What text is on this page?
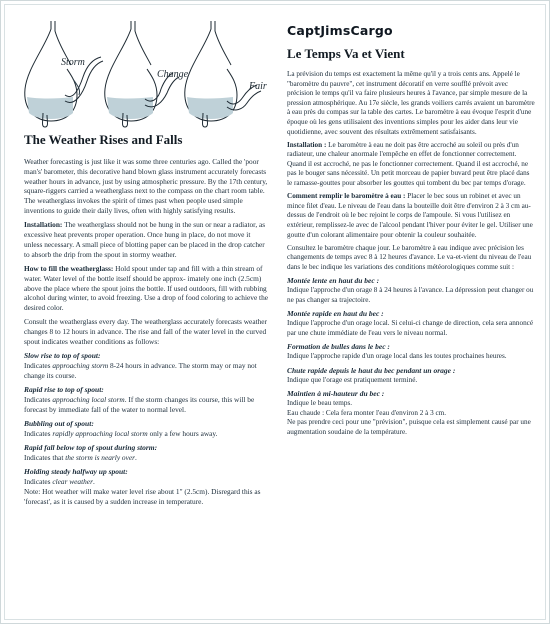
Storm
Change
Fair
The Weather Rises and Falls

Weather forecasting is just like it was some three centuries ago. Called the 'poor man's' barometer, this decorative hand blown glass instrument accurately forecasts weather hours in advance, just by using atmospheric pressure. By the 17th century, square-riggers carried a weatherglass next to the compass on the chart room table. The weatherglass invokes the spirit of times past when people used simple inventions to guide their daily lives, often with highly satisfying results.

Installation: The weatherglass should not be hung in the sun or near a radiator, as excessive heat prevents proper operation. Once hung in place, do not move it unless necessary. A small piece of blotting paper can be placed in the drop catcher to absorb the drip from the spout in stormy weather.

How to fill the weatherglass: Hold spout under tap and fill with a thin stream of water. Water level of the bottle itself should be approx- imately one inch (2.5cm) above the place where the spout joins the bottle. If used outdoors, fill with rubbing alcohol during winter, to avoid freezing. Use a drop of food coloring to achieve the desired color.

Consult the weatherglass every day. The weatherglass accurately forecasts weather changes 8 to 12 hours in advance. The rise and fall of the water level in the curved spout indicates weather conditions as follows:

Slow rise to top of spout:

Indicates approaching storm 8-24 hours in advance. The storm may or may not change its course.

Rapid rise to top of spout:

Indicates approaching local storm. If the storm changes its course, this will be forecast by immediate fall of the water to normal level.

Bubbling out of spout:

Indicates rapidly approaching local storm only a few hours away.

Rapid fall below top of spout during storm:

Indicates that the storm is nearly over.

Holding steady halfway up spout:

Indicates clear weather.

Note: Hot weather will make water level rise about 1" (2.5cm). Disregard this as 'forecast', as it is caused by a sudden increase in temperature.

CaptJimsCargo
Le Temps Va et Vient

La prévision du temps est exactement la même qu'il y a trois cents ans. Appelé le "baromètre du pauvre", cet instrument décoratif en verre soufflé prévoit avec précision le temps qu'il va faire plusieurs heures à l'avance, par simple mesure de la pression atmosphérique. Au 17e siècle, les grands voiliers carrés avaient un baromètre à eau près du compas sur la table des cartes. Le baromètre à eau évoque l'esprit d'une époque où les gens utilisaient des inventions simples pour les aider dans leur vie quotidienne, avec souvent des résultats extrêmement satisfaisants.

Installation : Le baromètre à eau ne doit pas être accroché au soleil ou près d'un radiateur, une chaleur anormale l'empêche en effet de fonctionner correctement. Quand il est accroché, ne pas le fonctionner correctement. Quand il est accroché, ne pas le bouger sans nécessité. Un petit morceau de papier buvard peut être placé dans le ramasse-gouttes pour absorber les gouttes qui tombent du bec par temps d'orage.

Comment remplir le baromètre à eau : Placer le bec sous un robinet et avec un mince filet d'eau. Le niveau de l'eau dans la bouteille doit être d'environ 2 à 3 cm au-dessus de l'endroit où le bec rejoint le corps de l'ampoule. Si vous l'utilisez en extérieur, remplissez-le avec de l'alcool pendant l'hiver pour éviter le gel. Utiliser une goutte d'un colorant alimentaire pour obtenir la couleur souhaitée.

Consultez le baromètre chaque jour. Le baromètre à eau indique avec précision les changements de temps avec 8 à 12 heures d'avance. Le va-et-vient du niveau de l'eau dans le bec indique les variations des conditions météorologiques comme suit :

Montée lente en haut du bec :

Indique l'approche d'un orage 8 à 24 heures à l'avance. La dépression peut changer ou ne pas changer sa trajectoire.

Montée rapide en haut du bec :

Indique l'approche d'un orage local. Si celui-ci change de direction, cela sera annoncé par une chute immédiate de l'eau vers le niveau normal.

Formation de bulles dans le bec :

Indique l'approche rapide d'un orage local dans les toutes prochaines heures.

Chute rapide depuis le haut du bec pendant un orage :

Indique que l'orage est pratiquement terminé.

Maintien à mi-hauteur du bec :

Indique le beau temps.

Eau chaude : Cela fera monter l'eau d'environ 2 à 3 cm.

Ne pas prendre ceci pour une "prévision", puisque cela est simplement causé par une augmentation soudaine de la température.
